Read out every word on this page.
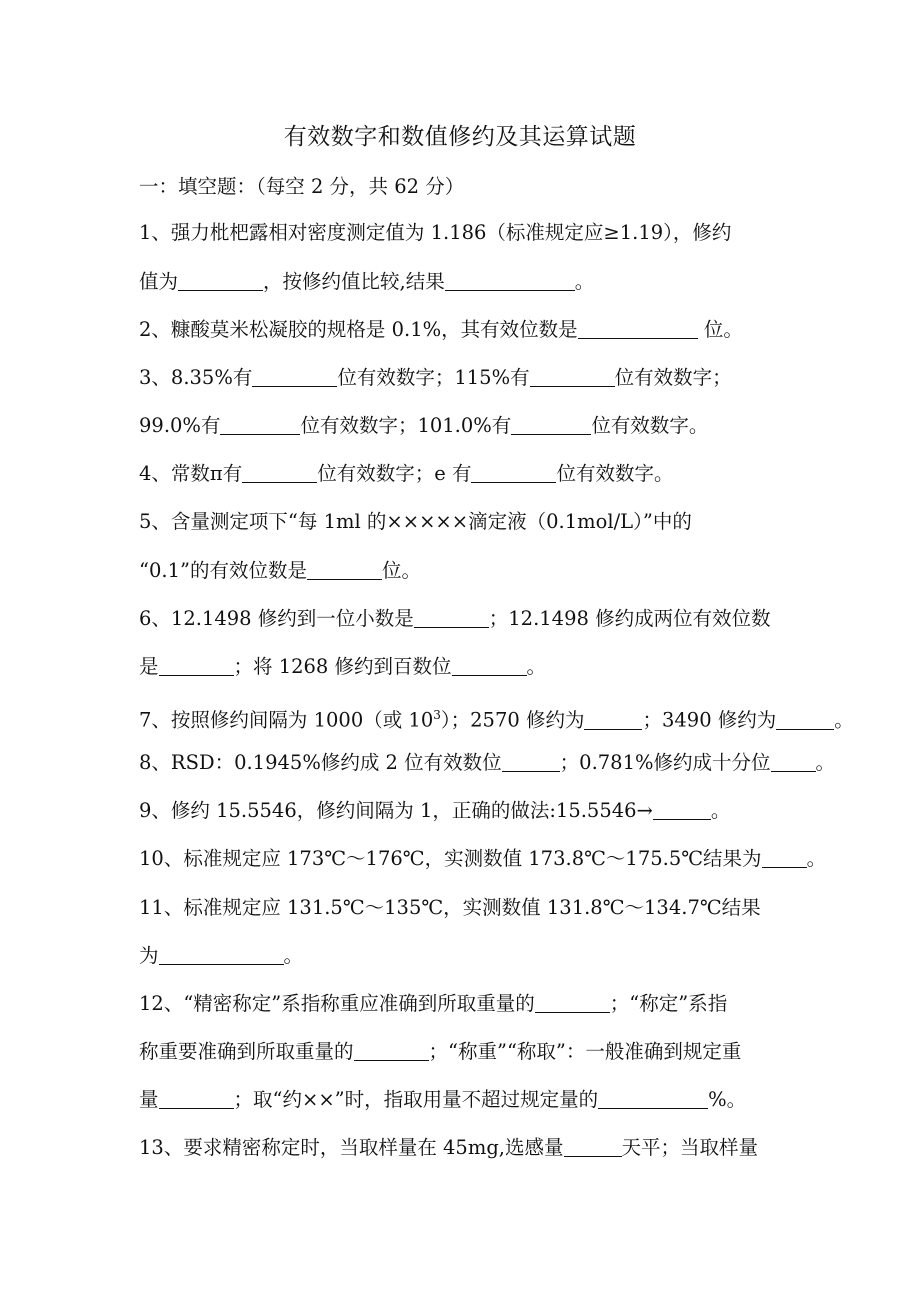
有效数字和数值修约及其运算试题
一：填空题：（每空 2 分，共 62 分）
1、强力枇杷露相对密度测定值为 1.186（标准规定应≥1.19），修约
值为	，按修约值比较,结果	。
2、糠酸莫米松凝胶的规格是 0.1%，其有效位数是	位。
3、8.35%有	位有效数字；115%有	位有效数字；
99.0%有	位有效数字；101.0%有	位有效数字。
4、常数π有	位有效数字；e 有	位有效数字。
5、含量测定项下“每 1ml 的×××××滴定液（0.1mol/L）”中的
“0.1”的有效位数是	位。
6、12.1498 修约到一位小数是	；12.1498 修约成两位有效位数
是	；将 1268 修约到百数位	。
7、按照修约间隔为 1000（或 $10^3$）；2570 修约为	；3490 修约为	。
8、RSD：0.1945%修约成 2 位有效数位	；0.781%修约成十分位 。
9、修约 15.5546，修约间隔为 1，正确的做法:15.5546→	。
10、标准规定应 173℃～176℃，实测数值 173.8℃～175.5℃结果为 。
11、标准规定应 131.5℃～135℃，实测数值 131.8℃～134.7℃结果
为	。
12、“精密称定”系指称重应准确到所取重量的	；“称定”系指
称重要准确到所取重量的	；“称重”“称取”：一般准确到规定重
量	；取“约××”时，指取用量不超过规定量的	%。
13、要求精密称定时，当取样量在 45mg,选感量	天平；当取样量
